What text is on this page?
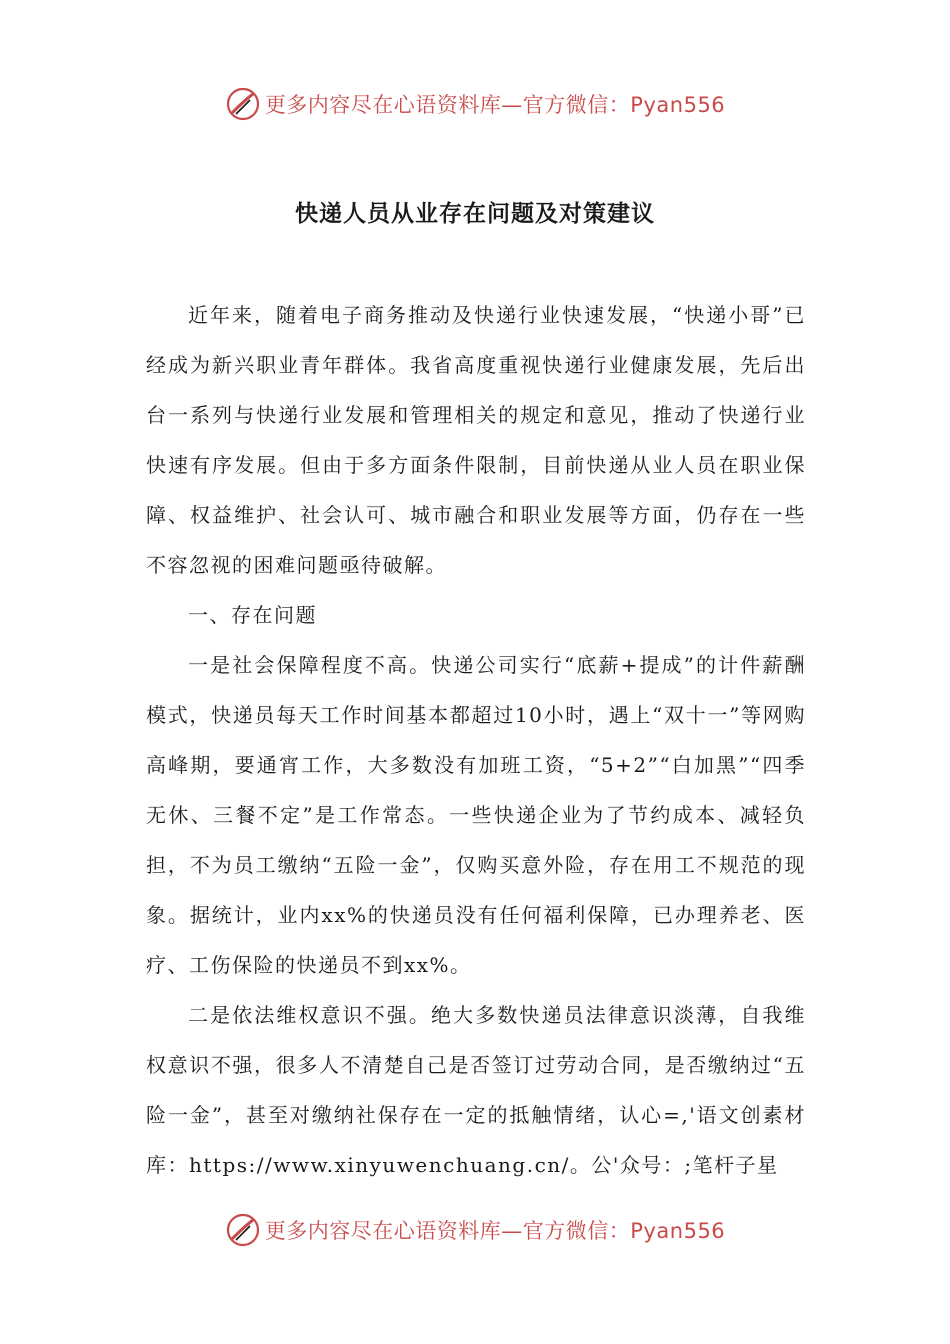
更多内容尽在心语资料库—官方微信：Pyan556
快递人员从业存在问题及对策建议

近年来，随着电子商务推动及快递行业快速发展，“快递小哥”已经成为新兴职业青年群体。我省高度重视快递行业健康发展，先后出台一系列与快递行业发展和管理相关的规定和意见，推动了快递行业快速有序发展。但由于多方面条件限制，目前快递从业人员在职业保障、权益维护、社会认可、城市融合和职业发展等方面，仍存在一些不容忽视的困难问题亟待破解。

一、存在问题

一是社会保障程度不高。快递公司实行“底薪+提成”的计件薪酬模式，快递员每天工作时间基本都超过10小时，遇上“双十一”等网购高峰期，要通宵工作，大多数没有加班工资，“5+2”“白加黑”“四季无休、三餐不定”是工作常态。一些快递企业为了节约成本、减轻负担，不为员工缴纳“五险一金”，仅购买意外险，存在用工不规范的现象。据统计，业内xx%的快递员没有任何福利保障，已办理养老、医疗、工伤保险的快递员不到xx%。

二是依法维权意识不强。绝大多数快递员法律意识淡薄，自我维权意识不强，很多人不清楚自己是否签订过劳动合同，是否缴纳过“五险一金”，甚至对缴纳社保存在一定的抵触情绪，认心=,'语文创素材库：https://www.xinyuwenchuang.cn/。公'众号：;笔杆子星

更多内容尽在心语资料库—官方微信：Pyan556
